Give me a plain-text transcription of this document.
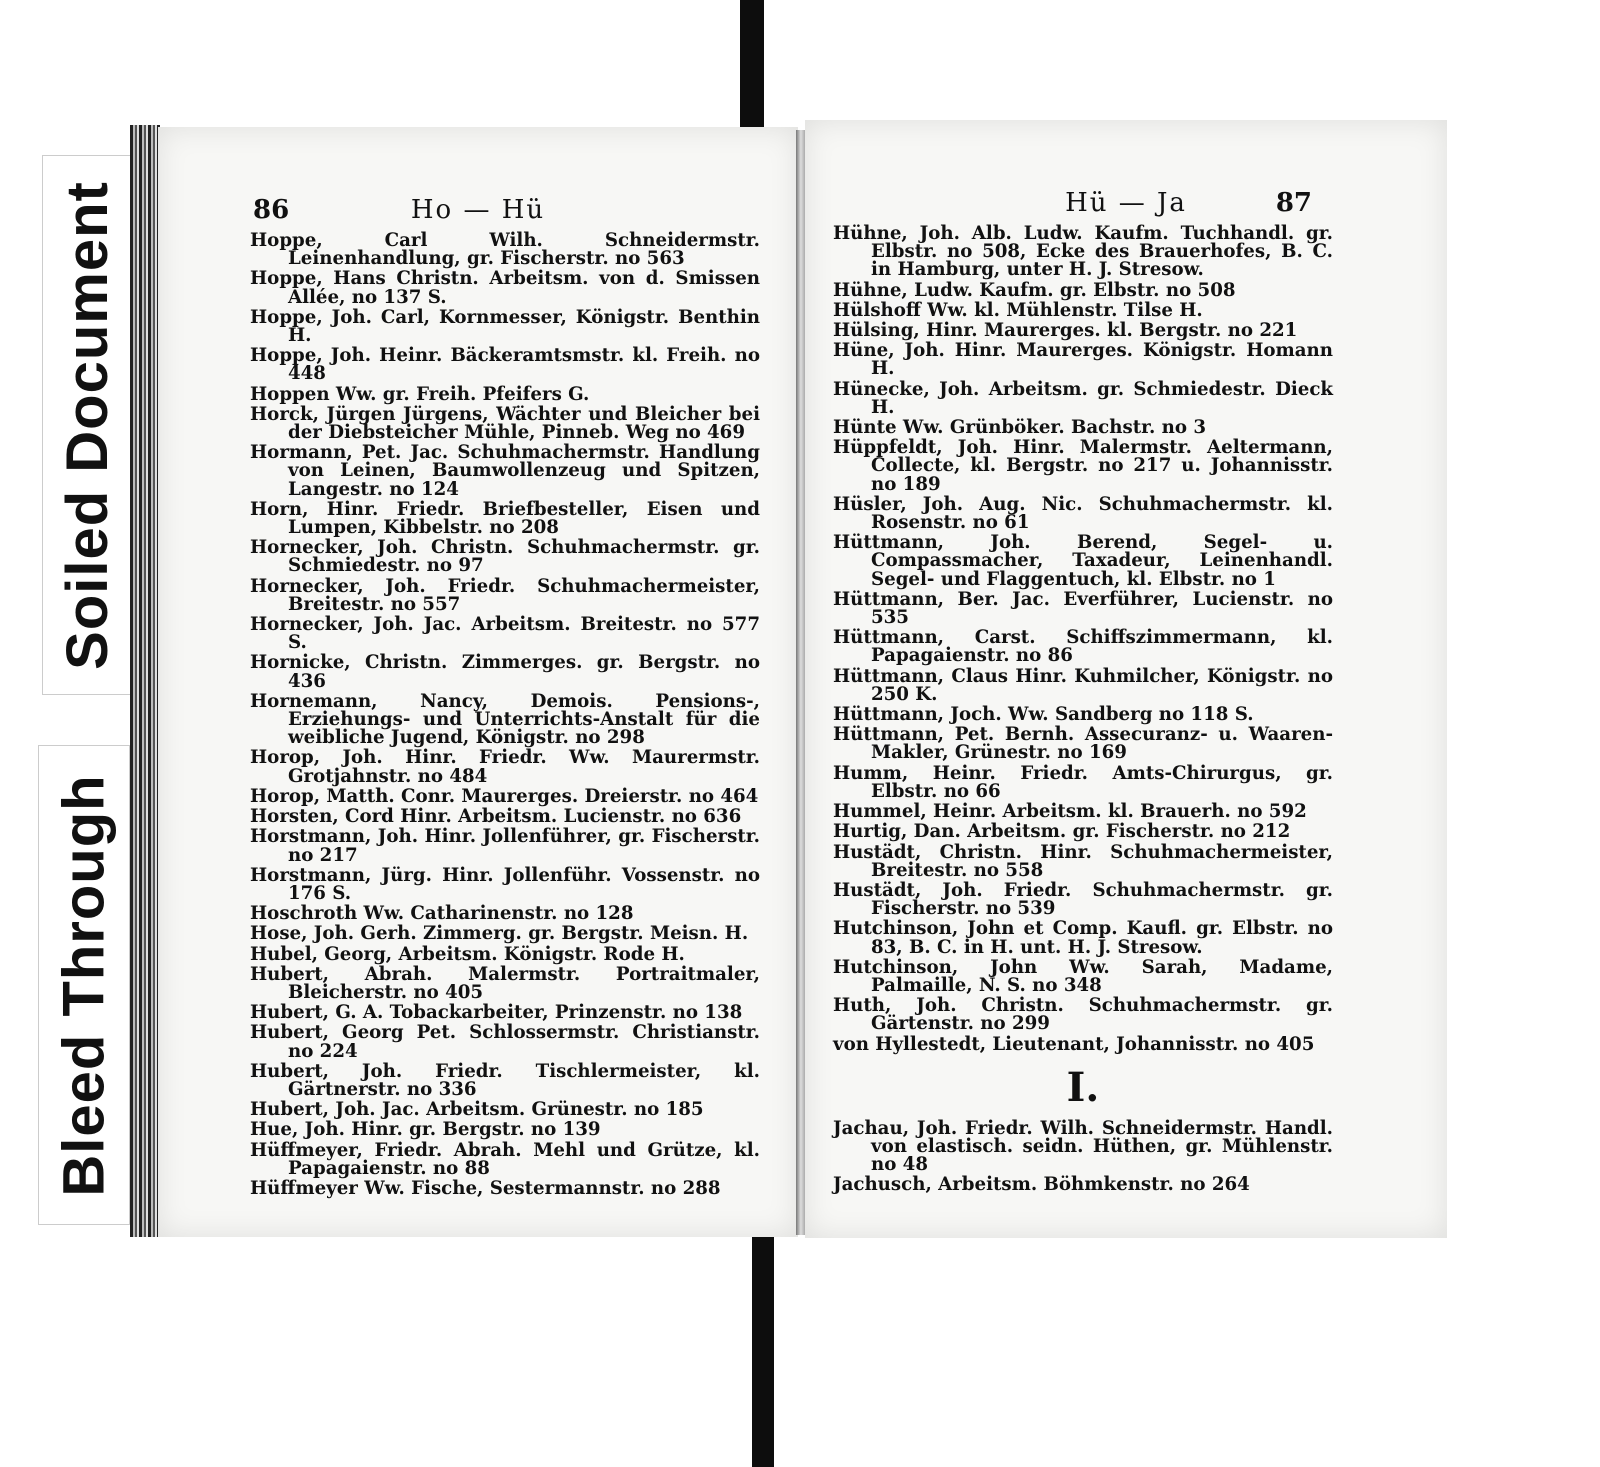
Soiled Document
Bleed Through
86	Ho — Hü
Hoppe, Carl Wilh. Schneidermstr. Leinenhandlung, gr. Fischerstr. no 563
Hoppe, Hans Christn. Arbeitsm. von d. Smissen Allée, no 137 S.
Hoppe, Joh. Carl, Kornmesser, Königstr. Benthin H.
Hoppe, Joh. Heinr. Bäckeramtsmstr. kl. Freih. no 448
Hoppen Ww. gr. Freih. Pfeifers G.
Horck, Jürgen Jürgens, Wächter und Bleicher bei der Diebsteicher Mühle, Pinneb. Weg no 469
Hormann, Pet. Jac. Schuhmachermstr. Handlung von Leinen, Baumwollenzeug und Spitzen, Langestr. no 124
Horn, Hinr. Friedr. Briefbesteller, Eisen und Lumpen, Kibbelstr. no 208
Hornecker, Joh. Christn. Schuhmachermstr. gr. Schmiedestr. no 97
Hornecker, Joh. Friedr. Schuhmachermeister, Breitestr. no 557
Hornecker, Joh. Jac. Arbeitsm. Breitestr. no 577 S.
Hornicke, Christn. Zimmerges. gr. Bergstr. no 436
Hornemann, Nancy, Demois. Pensions-, Erziehungs- und Unterrichts-Anstalt für die weibliche Jugend, Königstr. no 298
Horop, Joh. Hinr. Friedr. Ww. Maurermstr. Grotjahnstr. no 484
Horop, Matth. Conr. Maurerges. Dreierstr. no 464
Horsten, Cord Hinr. Arbeitsm. Lucienstr. no 636
Horstmann, Joh. Hinr. Jollenführer, gr. Fischerstr. no 217
Horstmann, Jürg. Hinr. Jollenführ. Vossenstr. no 176 S.
Hoschroth Ww. Catharinenstr. no 128
Hose, Joh. Gerh. Zimmerg. gr. Bergstr. Meisn. H.
Hubel, Georg, Arbeitsm. Königstr. Rode H.
Hubert, Abrah. Malermstr. Portraitmaler, Bleicherstr. no 405
Hubert, G. A. Tobackarbeiter, Prinzenstr. no 138
Hubert, Georg Pet. Schlossermstr. Christianstr. no 224
Hubert, Joh. Friedr. Tischlermeister, kl. Gärtnerstr. no 336
Hubert, Joh. Jac. Arbeitsm. Grünestr. no 185
Hue, Joh. Hinr. gr. Bergstr. no 139
Hüffmeyer, Friedr. Abrah. Mehl und Grütze, kl. Papagaienstr. no 88
Hüffmeyer Ww. Fische, Sestermannstr. no 288
Hü — Ja	87
Hühne, Joh. Alb. Ludw. Kaufm. Tuchhandl. gr. Elbstr. no 508, Ecke des Brauerhofes, B. C. in Hamburg, unter H. J. Stresow.
Hühne, Ludw. Kaufm. gr. Elbstr. no 508
Hülshoff Ww. kl. Mühlenstr. Tilse H.
Hülsing, Hinr. Maurerges. kl. Bergstr. no 221
Hüne, Joh. Hinr. Maurerges. Königstr. Homann H.
Hünecke, Joh. Arbeitsm. gr. Schmiedestr. Dieck H.
Hünte Ww. Grünböker. Bachstr. no 3
Hüppfeldt, Joh. Hinr. Malermstr. Aeltermann, Collecte, kl. Bergstr. no 217 u. Johannisstr. no 189
Hüsler, Joh. Aug. Nic. Schuhmachermstr. kl. Rosenstr. no 61
Hüttmann, Joh. Berend, Segel- u. Compassmacher, Taxadeur, Leinenhandl. Segel- und Flaggentuch, kl. Elbstr. no 1
Hüttmann, Ber. Jac. Everführer, Lucienstr. no 535
Hüttmann, Carst. Schiffszimmermann, kl. Papagaienstr. no 86
Hüttmann, Claus Hinr. Kuhmilcher, Königstr. no 250 K.
Hüttmann, Joch. Ww. Sandberg no 118 S.
Hüttmann, Pet. Bernh. Assecuranz- u. Waaren-Makler, Grünestr. no 169
Humm, Heinr. Friedr. Amts-Chirurgus, gr. Elbstr. no 66
Hummel, Heinr. Arbeitsm. kl. Brauerh. no 592
Hurtig, Dan. Arbeitsm. gr. Fischerstr. no 212
Hustädt, Christn. Hinr. Schuhmachermeister, Breitestr. no 558
Hustädt, Joh. Friedr. Schuhmachermstr. gr. Fischerstr. no 539
Hutchinson, John et Comp. Kaufl. gr. Elbstr. no 83, B. C. in H. unt. H. J. Stresow.
Hutchinson, John Ww. Sarah, Madame, Palmaille, N. S. no 348
Huth, Joh. Christn. Schuhmachermstr. gr. Gärtenstr. no 299
von Hyllestedt, Lieutenant, Johannisstr. no 405
I.
Jachau, Joh. Friedr. Wilh. Schneidermstr. Handl. von elastisch. seidn. Hüthen, gr. Mühlenstr. no 48
Jachusch, Arbeitsm. Böhmkenstr. no 264
